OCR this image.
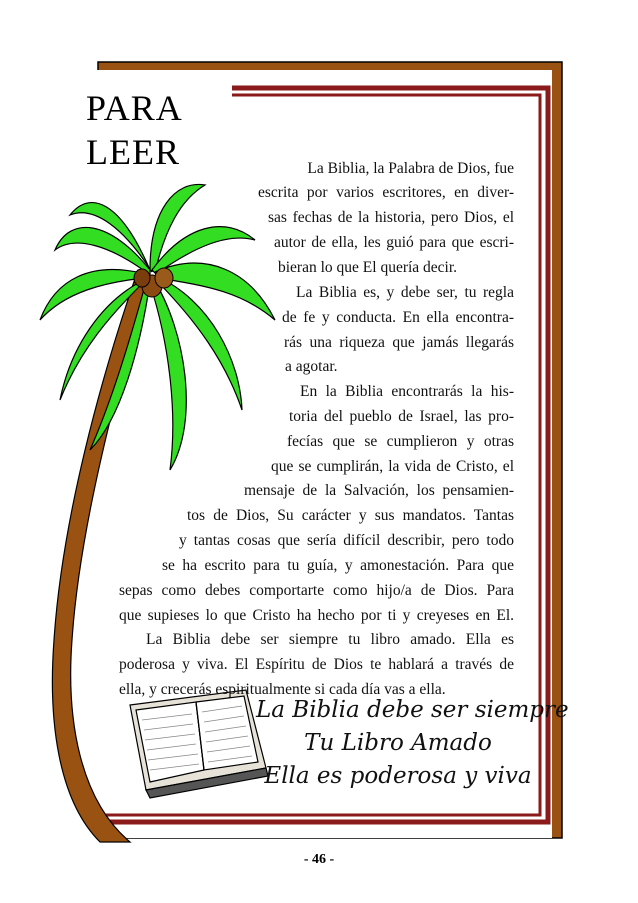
PARA
LEER	La Biblia, la Palabra de Dios, fue
escrita por varios escritores, en diver-
sas fechas de la historia, pero Dios, el
autor de ella, les guió para que escri-
bieran lo que El quería decir.
La Biblia es, y debe ser, tu regla
de fe y conducta. En ella encontra-
rás una riqueza que jamás llegarás
a agotar.
En la Biblia encontrarás la his-
toria del pueblo de Israel, las pro-
fecías que se cumplieron y otras
que se cumplirán, la vida de Cristo, el
mensaje de la Salvación, los pensamien-
tos de Dios, Su carácter y sus mandatos. Tantas
y tantas cosas que sería difícil describir, pero todo
se ha escrito para tu guía, y amonestación. Para que
sepas como debes comportarte como hijo/a de Dios. Para
que supieses lo que Cristo ha hecho por ti y creyeses en El.
La Biblia debe ser siempre tu libro amado. Ella es
poderosa y viva. El Espíritu de Dios te hablará a través de
ella, y crecerás espiritualmente si cada día vas a ella.
La Biblia debe ser siempre
Tu Libro Amado
Ella es poderosa y viva
- 46 -
